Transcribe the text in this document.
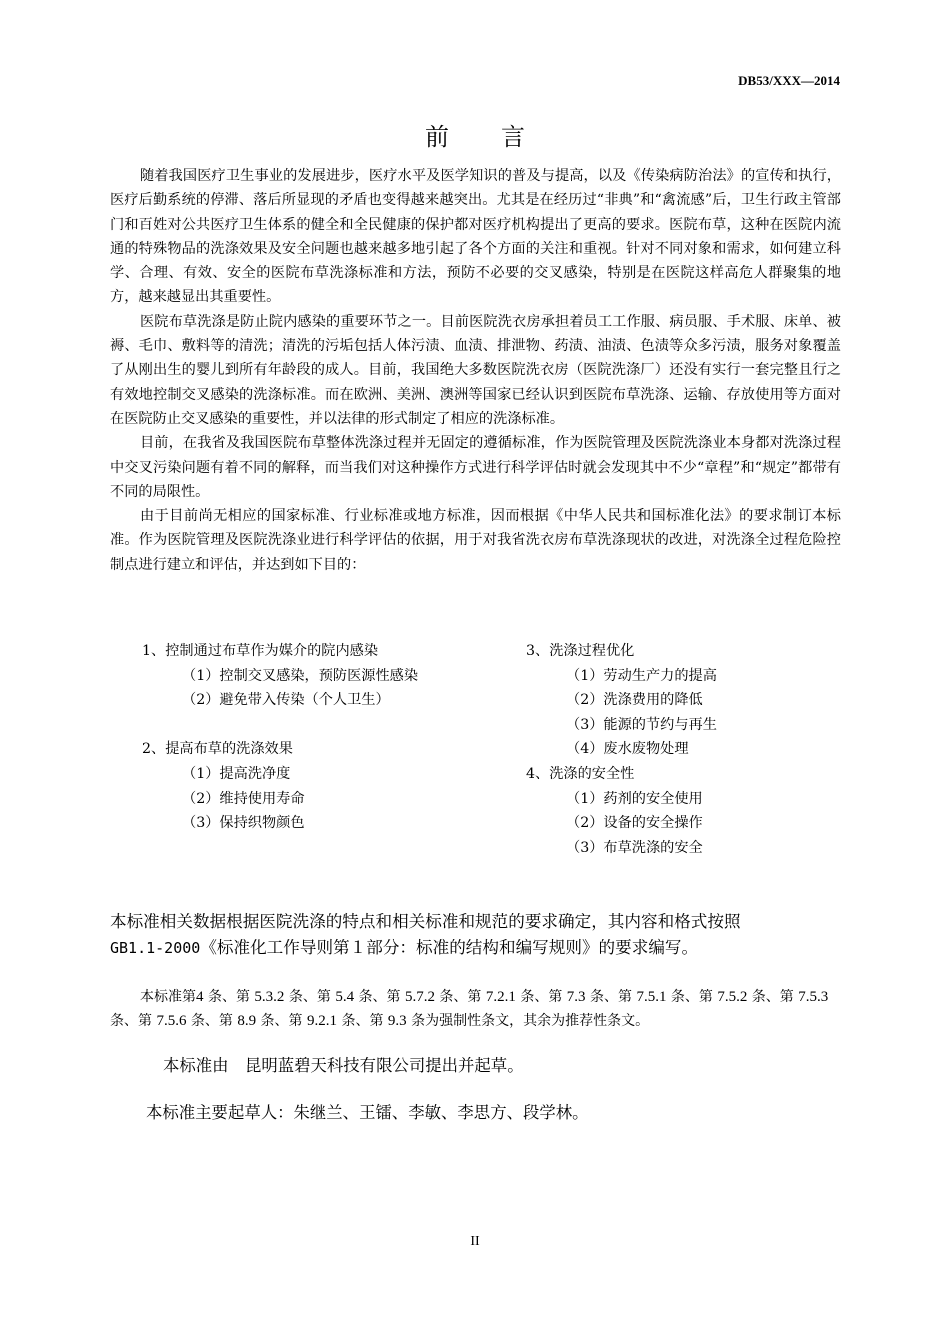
DB53/XXX—2014
前言

随着我国医疗卫生事业的发展进步，医疗水平及医学知识的普及与提高，以及《传染病防治法》的宣传和执行，医疗后勤系统的停滞、落后所显现的矛盾也变得越来越突出。尤其是在经历过“非典”和“禽流感”后，卫生行政主管部门和百姓对公共医疗卫生体系的健全和全民健康的保护都对医疗机构提出了更高的要求。医院布草，这种在医院内流通的特殊物品的洗涤效果及安全问题也越来越多地引起了各个方面的关注和重视。针对不同对象和需求，如何建立科学、合理、有效、安全的医院布草洗涤标准和方法，预防不必要的交叉感染，特别是在医院这样高危人群聚集的地方，越来越显出其重要性。

医院布草洗涤是防止院内感染的重要环节之一。目前医院洗衣房承担着员工工作服、病员服、手术服、床单、被褥、毛巾、敷料等的清洗；清洗的污垢包括人体污渍、血渍、排泄物、药渍、油渍、色渍等众多污渍，服务对象覆盖了从刚出生的婴儿到所有年龄段的成人。目前，我国绝大多数医院洗衣房（医院洗涤厂）还没有实行一套完整且行之有效地控制交叉感染的洗涤标准。而在欧洲、美洲、澳洲等国家已经认识到医院布草洗涤、运输、存放使用等方面对在医院防止交叉感染的重要性，并以法律的形式制定了相应的洗涤标准。

目前，在我省及我国医院布草整体洗涤过程并无固定的遵循标准，作为医院管理及医院洗涤业本身都对洗涤过程中交叉污染问题有着不同的解释，而当我们对这种操作方式进行科学评估时就会发现其中不少“章程”和“规定”都带有不同的局限性。

由于目前尚无相应的国家标准、行业标准或地方标准，因而根据《中华人民共和国标准化法》的要求制订本标准。作为医院管理及医院洗涤业进行科学评估的依据，用于对我省洗衣房布草洗涤现状的改进，对洗涤全过程危险控制点进行建立和评估，并达到如下目的：

1、控制通过布草作为媒介的院内感染
（1）控制交叉感染，预防医源性感染
（2）避免带入传染（个人卫生）
2、提高布草的洗涤效果
（1）提高洗净度
（2）维持使用寿命
（3）保持织物颜色
3、洗涤过程优化
（1）劳动生产力的提高
（2）洗涤费用的降低
（3）能源的节约与再生
（4）废水废物处理
4、洗涤的安全性
（1）药剂的安全使用
（2）设备的安全操作
（3）布草洗涤的安全

本标准相关数据根据医院洗涤的特点和相关标准和规范的要求确定，其内容和格式按照
GB1.1-2000《标准化工作导则第１部分：标准的结构和编写规则》的要求编写。

本标准第4 条、第 5.3.2 条、第 5.4 条、第 5.7.2 条、第 7.2.1 条、第 7.3 条、第 7.5.1 条、第 7.5.2 条、第 7.5.3 条、第 7.5.6 条、第 8.9 条、第 9.2.1 条、第 9.3 条为强制性条文，其余为推荐性条文。

本标准由　昆明蓝碧天科技有限公司提出并起草。
本标准主要起草人：朱继兰、王镭、李敏、李思方、段学林。
II
